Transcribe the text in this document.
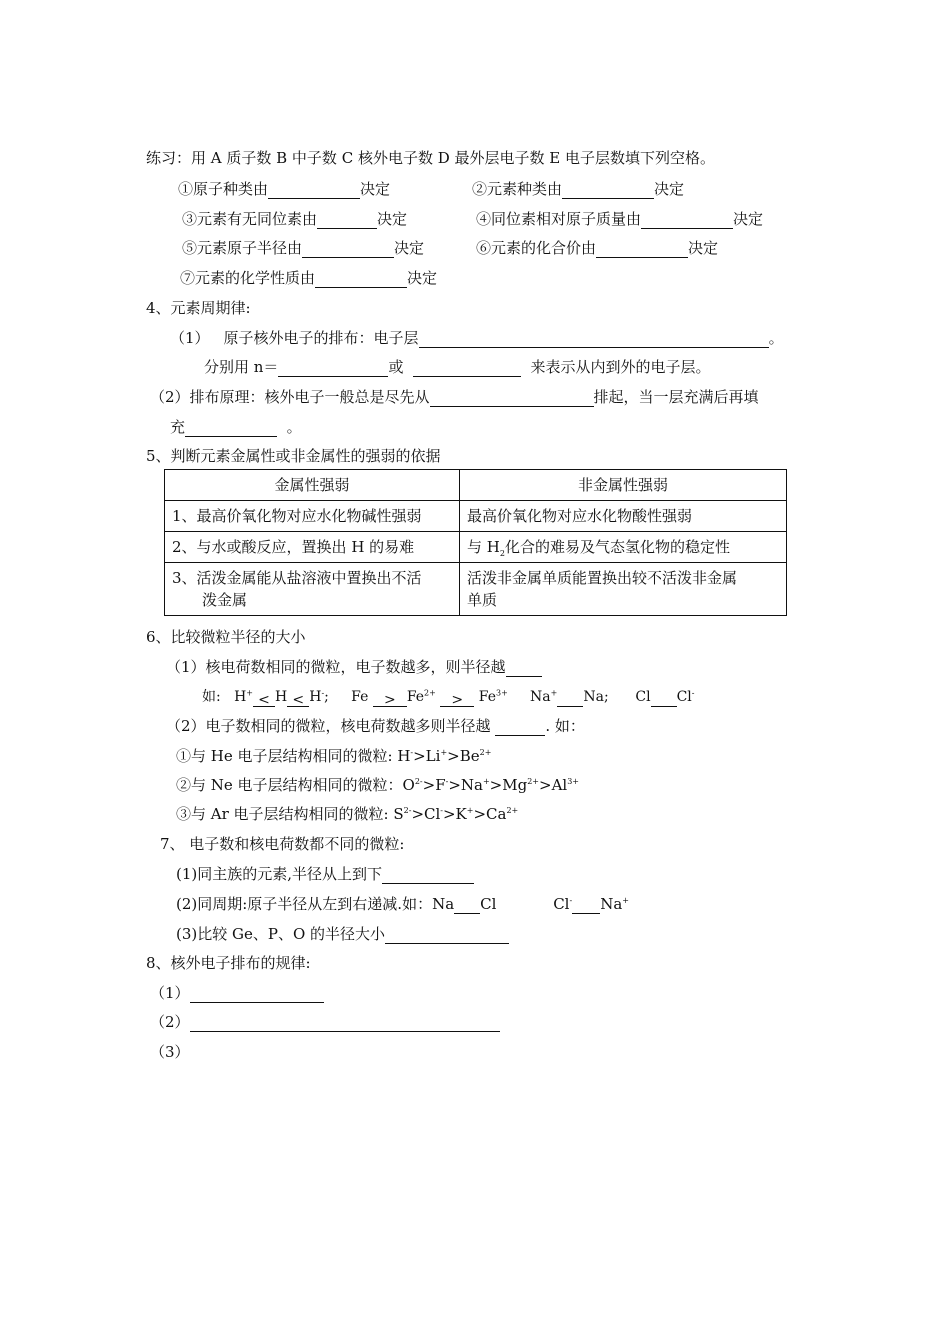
练习：用 A 质子数 B 中子数 C 核外电子数 D 最外层电子数 E 电子层数填下列空格。
①原子种类由	决定	②元素种类由	决定
③元素有无同位素由	决定	④同位素相对原子质量由	决定
⑤元素原子半径由	决定	⑥元素的化合价由	决定
⑦元素的化学性质由	决定
4、元素周期律:
（1） 原子核外电子的排布：电子层	。
分别用 n＝	或	来表示从内到外的电子层。
（2）排布原理：核外电子一般总是尽先从	排起，当一层充满后再填
充	。
5、判断元素金属性或非金属性的强弱的依据
金属性强弱	非金属性强弱
1、最高价氧化物对应水化物碱性强弱	最高价氧化物对应水化物酸性强弱
2、与水或酸反应，置换出 H 的易难	与 $H_2$化合的难易及气态氢化物的稳定性
3、活泼金属能从盐溶液中置换出不活
泼金属	活泼非金属单质能置换出较不活泼非金属
单质
6、比较微粒半径的大小
（1）核电荷数相同的微粒，电子数越多，则半径越
如: H+ < H < H-; $Fe > Fe^{2+} > Fe^{3+}$ Na+ Na; Cl Cl-
（2）电子数相同的微粒，核电荷数越多则半径越	. 如：
①与 He 电子层结构相同的微粒: $H^->Li^+>Be^{2+}$
②与 Ne 电子层结构相同的微粒：$O^{2-}>F^->Na^+>Mg^{2+}>Al^{3+}$
③与 Ar 电子层结构相同的微粒: $S^{2-}>Cl^->K^+>Ca^{2+}$
7、 电子数和核电荷数都不同的微粒:
(1)同主族的元素,半径从上到下
(2)同周期:原子半径从左到右递减.如：Na Cl	Cl- Na+
(3)比较 Ge、P、O 的半径大小
8、核外电子排布的规律:
（1）
（2）
（3）
